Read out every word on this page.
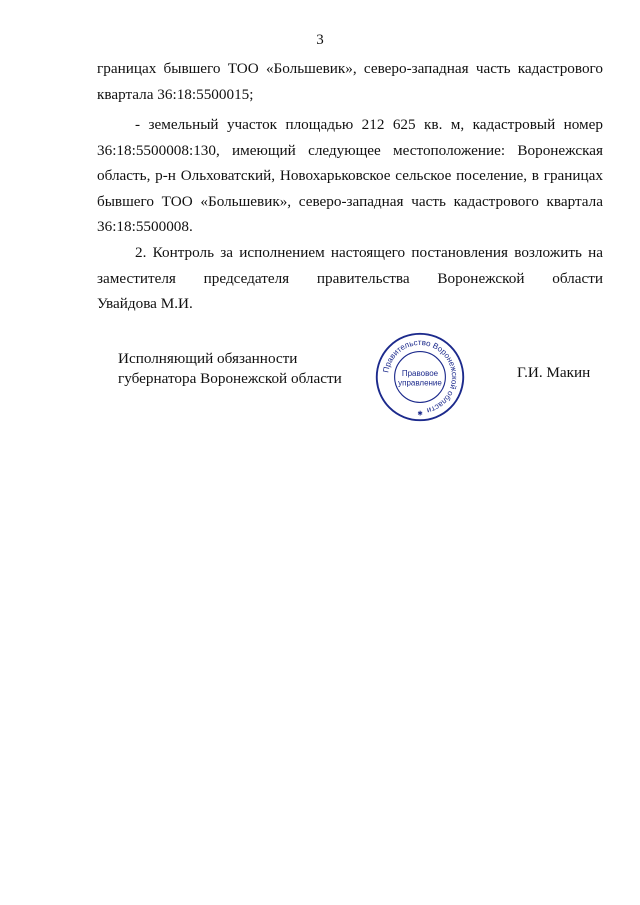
3
границах бывшего ТОО «Большевик», северо-западная часть кадастрового
квартала 36:18:5500015;
- земельный участок площадью 212 625 кв. м, кадастровый номер
36:18:5500008:130, имеющий следующее местоположение: Воронежская
область, р-н Ольховатский, Новохарьковское сельское поселение, в границах
бывшего ТОО «Большевик», северо-западная часть кадастрового квартала
36:18:5500008.
2. Контроль за исполнением настоящего постановления возложить на
заместителя председателя правительства Воронежской области
Увайдова М.И.
Исполняющий обязанности
губернатора Воронежской области
Правительство Воронежской области
Правовое
управление
✱
Г.И. Макин
